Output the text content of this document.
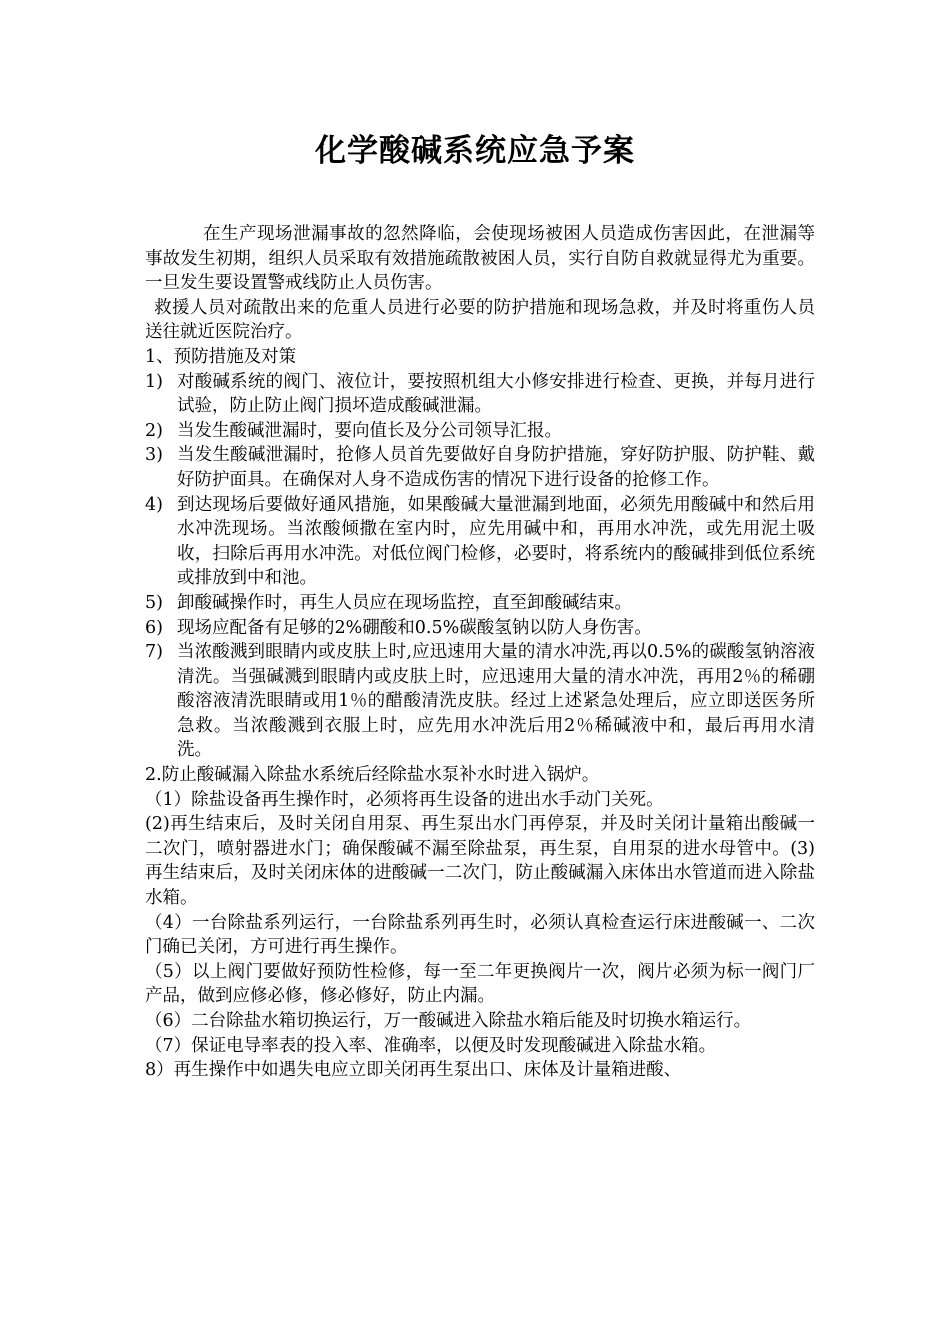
化学酸碱系统应急予案

在生产现场泄漏事故的忽然降临，会使现场被困人员造成伤害因此，在泄漏等事故发生初期，组织人员采取有效措施疏散被困人员，实行自防自救就显得尤为重要。一旦发生要设置警戒线防止人员伤害。

 救援人员对疏散出来的危重人员进行必要的防护措施和现场急救，并及时将重伤人员送往就近医院治疗。

1、预防措施及对策

1) 对酸碱系统的阀门、液位计，要按照机组大小修安排进行检查、更换，并每月进行试验，防止防止阀门损坏造成酸碱泄漏。
2) 当发生酸碱泄漏时，要向值长及分公司领导汇报。
3) 当发生酸碱泄漏时，抢修人员首先要做好自身防护措施，穿好防护服、防护鞋、戴好防护面具。在确保对人身不造成伤害的情况下进行设备的抢修工作。
4) 到达现场后要做好通风措施，如果酸碱大量泄漏到地面，必须先用酸碱中和然后用水冲洗现场。当浓酸倾撒在室内时，应先用碱中和，再用水冲洗，或先用泥土吸收，扫除后再用水冲洗。对低位阀门检修，必要时，将系统内的酸碱排到低位系统或排放到中和池。
5) 卸酸碱操作时，再生人员应在现场监控，直至卸酸碱结束。
6) 现场应配备有足够的2%硼酸和0.5%碳酸氢钠以防人身伤害。
7) 当浓酸溅到眼睛内或皮肤上时,应迅速用大量的清水冲洗,再以0.5%的碳酸氢钠溶液清洗。当强碱溅到眼睛内或皮肤上时，应迅速用大量的清水冲洗，再用2％的稀硼酸溶液清洗眼睛或用1％的醋酸清洗皮肤。经过上述紧急处理后，应立即送医务所急救。当浓酸溅到衣服上时，应先用水冲洗后用2％稀碱液中和，最后再用水清洗。

2.防止酸碱漏入除盐水系统后经除盐水泵补水时进入锅炉。

（1）除盐设备再生操作时，必须将再生设备的进出水手动门关死。

(2)再生结束后，及时关闭自用泵、再生泵出水门再停泵，并及时关闭计量箱出酸碱一二次门，喷射器进水门；确保酸碱不漏至除盐泵，再生泵，自用泵的进水母管中。(3)再生结束后，及时关闭床体的进酸碱一二次门，防止酸碱漏入床体出水管道而进入除盐水箱。

（4）一台除盐系列运行，一台除盐系列再生时，必须认真检查运行床进酸碱一、二次门确已关闭，方可进行再生操作。

（5）以上阀门要做好预防性检修，每一至二年更换阀片一次，阀片必须为标一阀门厂产品，做到应修必修，修必修好，防止内漏。

（6）二台除盐水箱切换运行，万一酸碱进入除盐水箱后能及时切换水箱运行。

（7）保证电导率表的投入率、准确率，以便及时发现酸碱进入除盐水箱。

8）再生操作中如遇失电应立即关闭再生泵出口、床体及计量箱进酸、
